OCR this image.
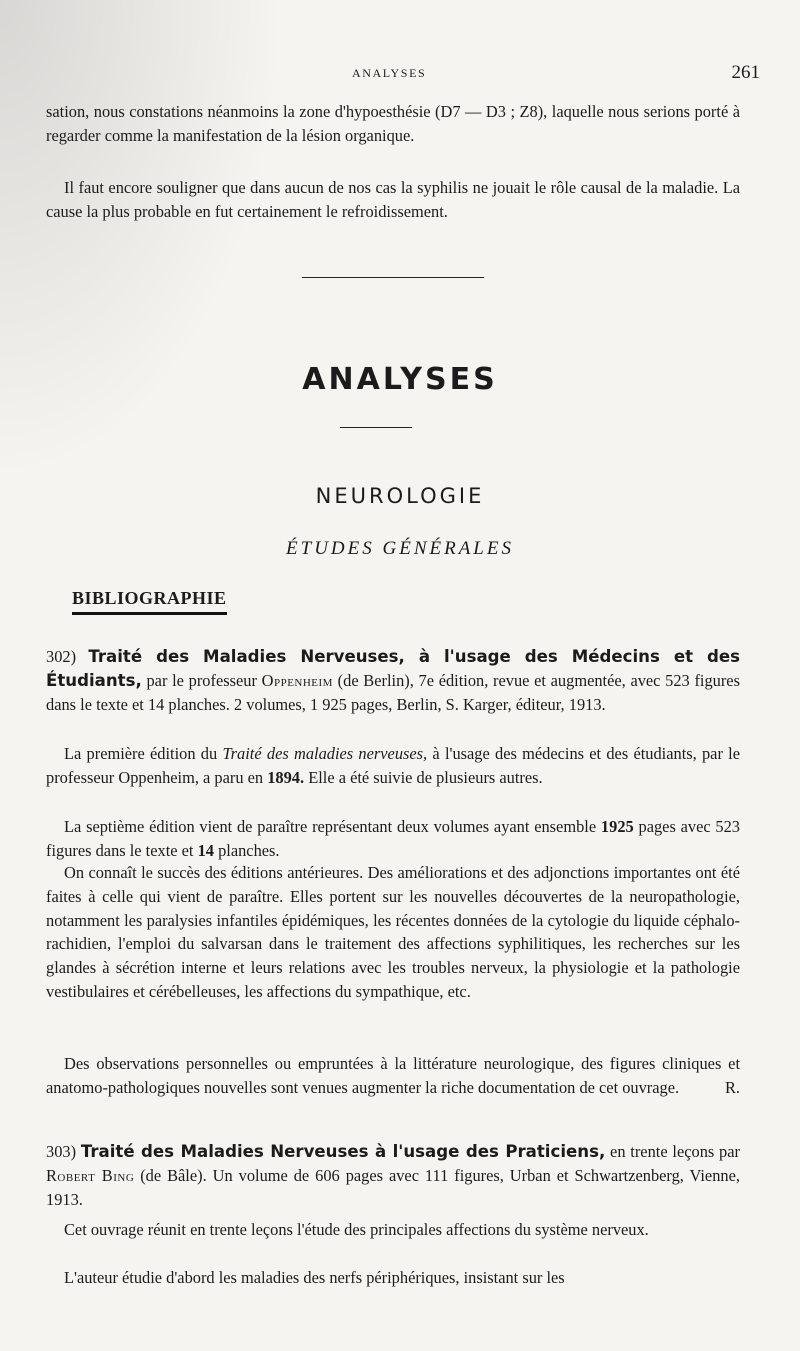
ANALYSES	261

sation, nous constations néanmoins la zone d'hypoesthésie (D7 — D3 ; Z8), laquelle nous serions porté à regarder comme la manifestation de la lésion organique.

Il faut encore souligner que dans aucun de nos cas la syphilis ne jouait le rôle causal de la maladie. La cause la plus probable en fut certainement le refroidissement.

ANALYSES
NEUROLOGIE
ÉTUDES GÉNÉRALES
BIBLIOGRAPHIE

302) Traité des Maladies Nerveuses, à l'usage des Médecins et des Étudiants, par le professeur Oppenheim (de Berlin), 7e édition, revue et augmentée, avec 523 figures dans le texte et 14 planches. 2 volumes, 1 925 pages, Berlin, S. Karger, éditeur, 1913.

La première édition du Traité des maladies nerveuses, à l'usage des médecins et des étudiants, par le professeur Oppenheim, a paru en 1894. Elle a été suivie de plusieurs autres.

La septième édition vient de paraître représentant deux volumes ayant ensemble 1925 pages avec 523 figures dans le texte et 14 planches.

On connaît le succès des éditions antérieures. Des améliorations et des adjonctions importantes ont été faites à celle qui vient de paraître. Elles portent sur les nouvelles découvertes de la neuropathologie, notamment les paralysies infantiles épidémiques, les récentes données de la cytologie du liquide céphalo-rachidien, l'emploi du salvarsan dans le traitement des affections syphilitiques, les recherches sur les glandes à sécrétion interne et leurs relations avec les troubles nerveux, la physiologie et la pathologie vestibulaires et cérébelleuses, les affections du sympathique, etc.

Des observations personnelles ou empruntées à la littérature neurologique, des figures cliniques et anatomo-pathologiques nouvelles sont venues augmenter la riche documentation de cet ouvrage.	R.

303) Traité des Maladies Nerveuses à l'usage des Praticiens, en trente leçons par Robert Bing (de Bâle). Un volume de 606 pages avec 111 figures, Urban et Schwartzenberg, Vienne, 1913.

Cet ouvrage réunit en trente leçons l'étude des principales affections du système nerveux.

L'auteur étudie d'abord les maladies des nerfs périphériques, insistant sur les
